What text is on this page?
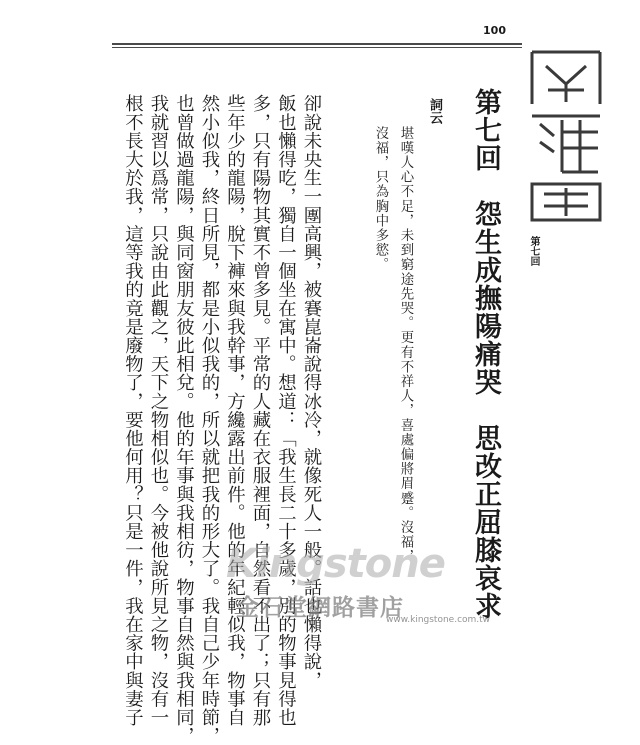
100
第七回　怨生成撫陽痛哭　思改正屈膝哀求
詞云
堪嘆人心不足，未到窮途先哭。更有不祥人，喜處偏將眉蹙。沒福，
沒福，只為胸中多慾。
卻說未央生一團高興，被賽崑崙說得冰冷，就像死人一般。話也懶得說，
飯也懶得吃，獨自一個坐在寓中。想道：「我生長二十多歲，別的物事見得也
多，只有陽物其實不曾多見。平常的人藏在衣服裡面，自然看不出了；只有那
些年少的龍陽，脫下褲來與我幹事，方纔露出前件。他的年紀輕似我，物事自
然小似我，終日所見，都是小似我的，所以就把我的形大了。我自己少年時節，
也曾做過龍陽，與同窗朋友彼此相兌。他的年事與我相彷，物事自然與我相同，
我就習以爲常，只說由此觀之，天下之物相似也。今被他說所見之物，沒有一
根不長大於我，這等我的竟是廢物了，要他何用？只是一件，我在家中與妻子	第七回
Kingstone
金石堂網路書店
www.kingstone.com.tw
